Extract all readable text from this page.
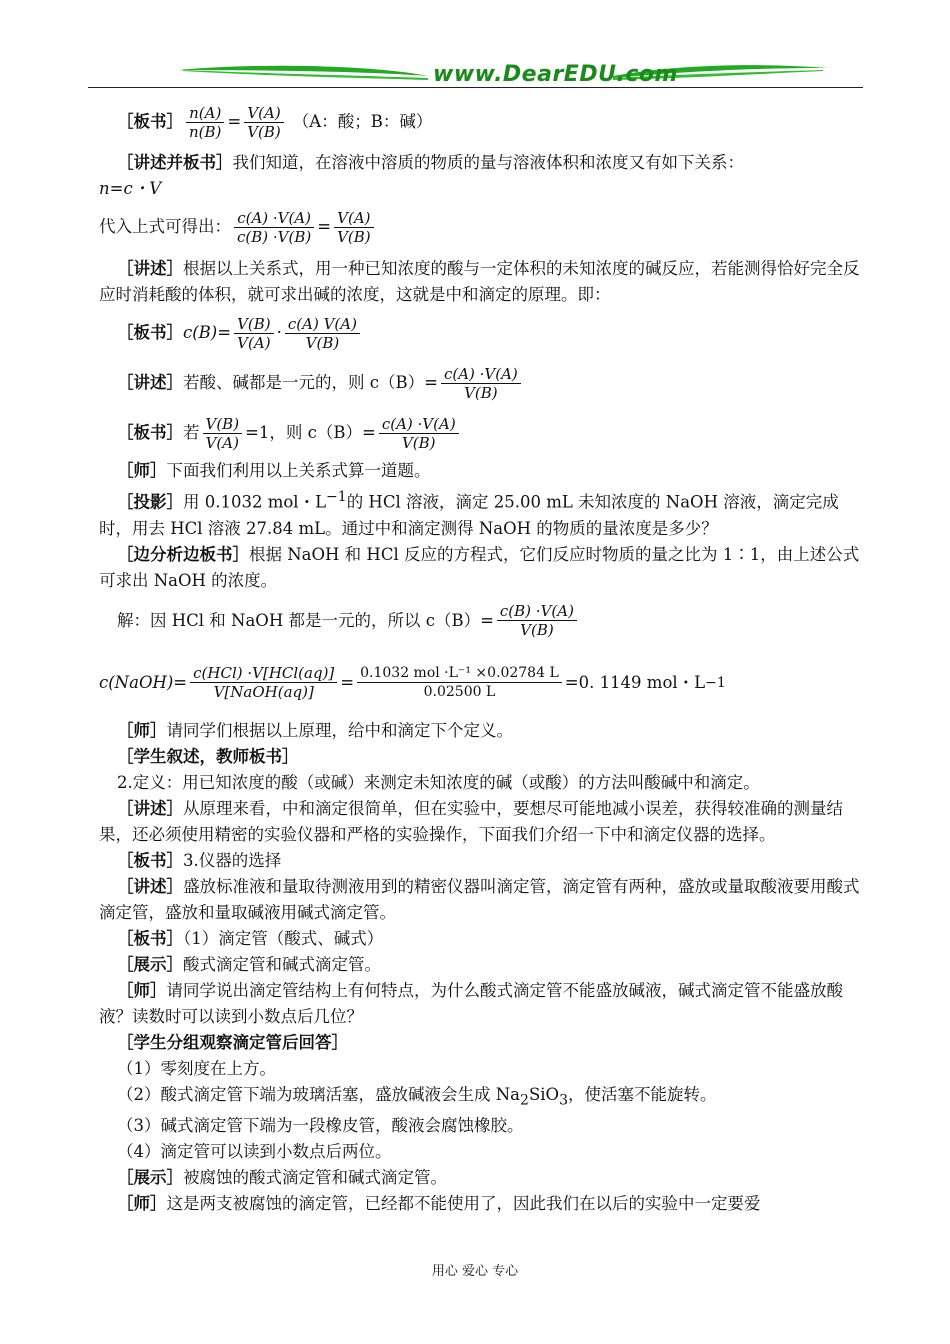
www.DearEDU.com
［板书］ $\frac{n(A)}{n(B)} = \frac{V(A)}{V(B)} (A$：酸；B：碱）

［讲述并板书］我们知道，在溶液中溶质的物质的量与溶液体积和浓度又有如下关系：

n=c・V

代入上式可得出： $\frac{c(A) \cdot V(A)}{c(B) \cdot V(B)} = \frac{V(A)}{V(B)}$

［讲述］根据以上关系式，用一种已知浓度的酸与一定体积的未知浓度的碱反应，若能测得恰好完全反应时消耗酸的体积，就可求出碱的浓度，这就是中和滴定的原理。即：

［板书］ $c(B)= \frac{V(B)}{V(A)} \cdot \frac{c(A) V(A)}{V(B)}$
［讲述］ 若酸、碱都是一元的，则 $c(B)= \frac{c(A) \cdot V(A)}{V(B)}$
［板书］ 若 $\frac{V(B)}{V(A)} =1$，则 $c(B)= \frac{c(A) \cdot V(A)}{V(B)}$

［师］下面我们利用以上关系式算一道题。

［投影］用 0.1032 mol・$L^{-1}$的 HCl 溶液，滴定 25.00 mL 未知浓度的 NaOH 溶液，滴定完成时，用去 HCl 溶液 27.84 mL。通过中和滴定测得 NaOH 的物质的量浓度是多少？

［边分析边板书］根据 NaOH 和 HCl 反应的方程式，它们反应时物质的量之比为 1∶1，由上述公式可求出 NaOH 的浓度。

解：因 HCl 和 NaOH 都是一元的，所以 $c(B)= \frac{c(B) \cdot V(A)}{V(B)}$
c(NaOH)= $\frac{\text{c(HCl) ·V[HCl(aq)]}}{\text{V[NaOH(aq)]}} = \frac{\text{0.1032 mol ·L⁻¹ ×0.02784 L}}{0.02500 L} =0$. 1149 mol・L −1

［师］请同学们根据以上原理，给中和滴定下个定义。

［学生叙述，教师板书］

2.定义：用已知浓度的酸（或碱）来测定未知浓度的碱（或酸）的方法叫酸碱中和滴定。

［讲述］从原理来看，中和滴定很简单，但在实验中，要想尽可能地减小误差，获得较准确的测量结果，还必须使用精密的实验仪器和严格的实验操作，下面我们介绍一下中和滴定仪器的选择。

［板书］3.仪器的选择

［讲述］盛放标准液和量取待测液用到的精密仪器叫滴定管，滴定管有两种，盛放或量取酸液要用酸式滴定管，盛放和量取碱液用碱式滴定管。

［板书］（1）滴定管（酸式、碱式）

［展示］酸式滴定管和碱式滴定管。

［师］请同学说出滴定管结构上有何特点，为什么酸式滴定管不能盛放碱液，碱式滴定管不能盛放酸液？读数时可以读到小数点后几位？

［学生分组观察滴定管后回答］

（1）零刻度在上方。

（2）酸式滴定管下端为玻璃活塞，盛放碱液会生成 $Na_2SiO_3$，使活塞不能旋转。

（3）碱式滴定管下端为一段橡皮管，酸液会腐蚀橡胶。

（4）滴定管可以读到小数点后两位。

［展示］被腐蚀的酸式滴定管和碱式滴定管。

［师］这是两支被腐蚀的滴定管，已经都不能使用了，因此我们在以后的实验中一定要爱

用心 爱心 专心
